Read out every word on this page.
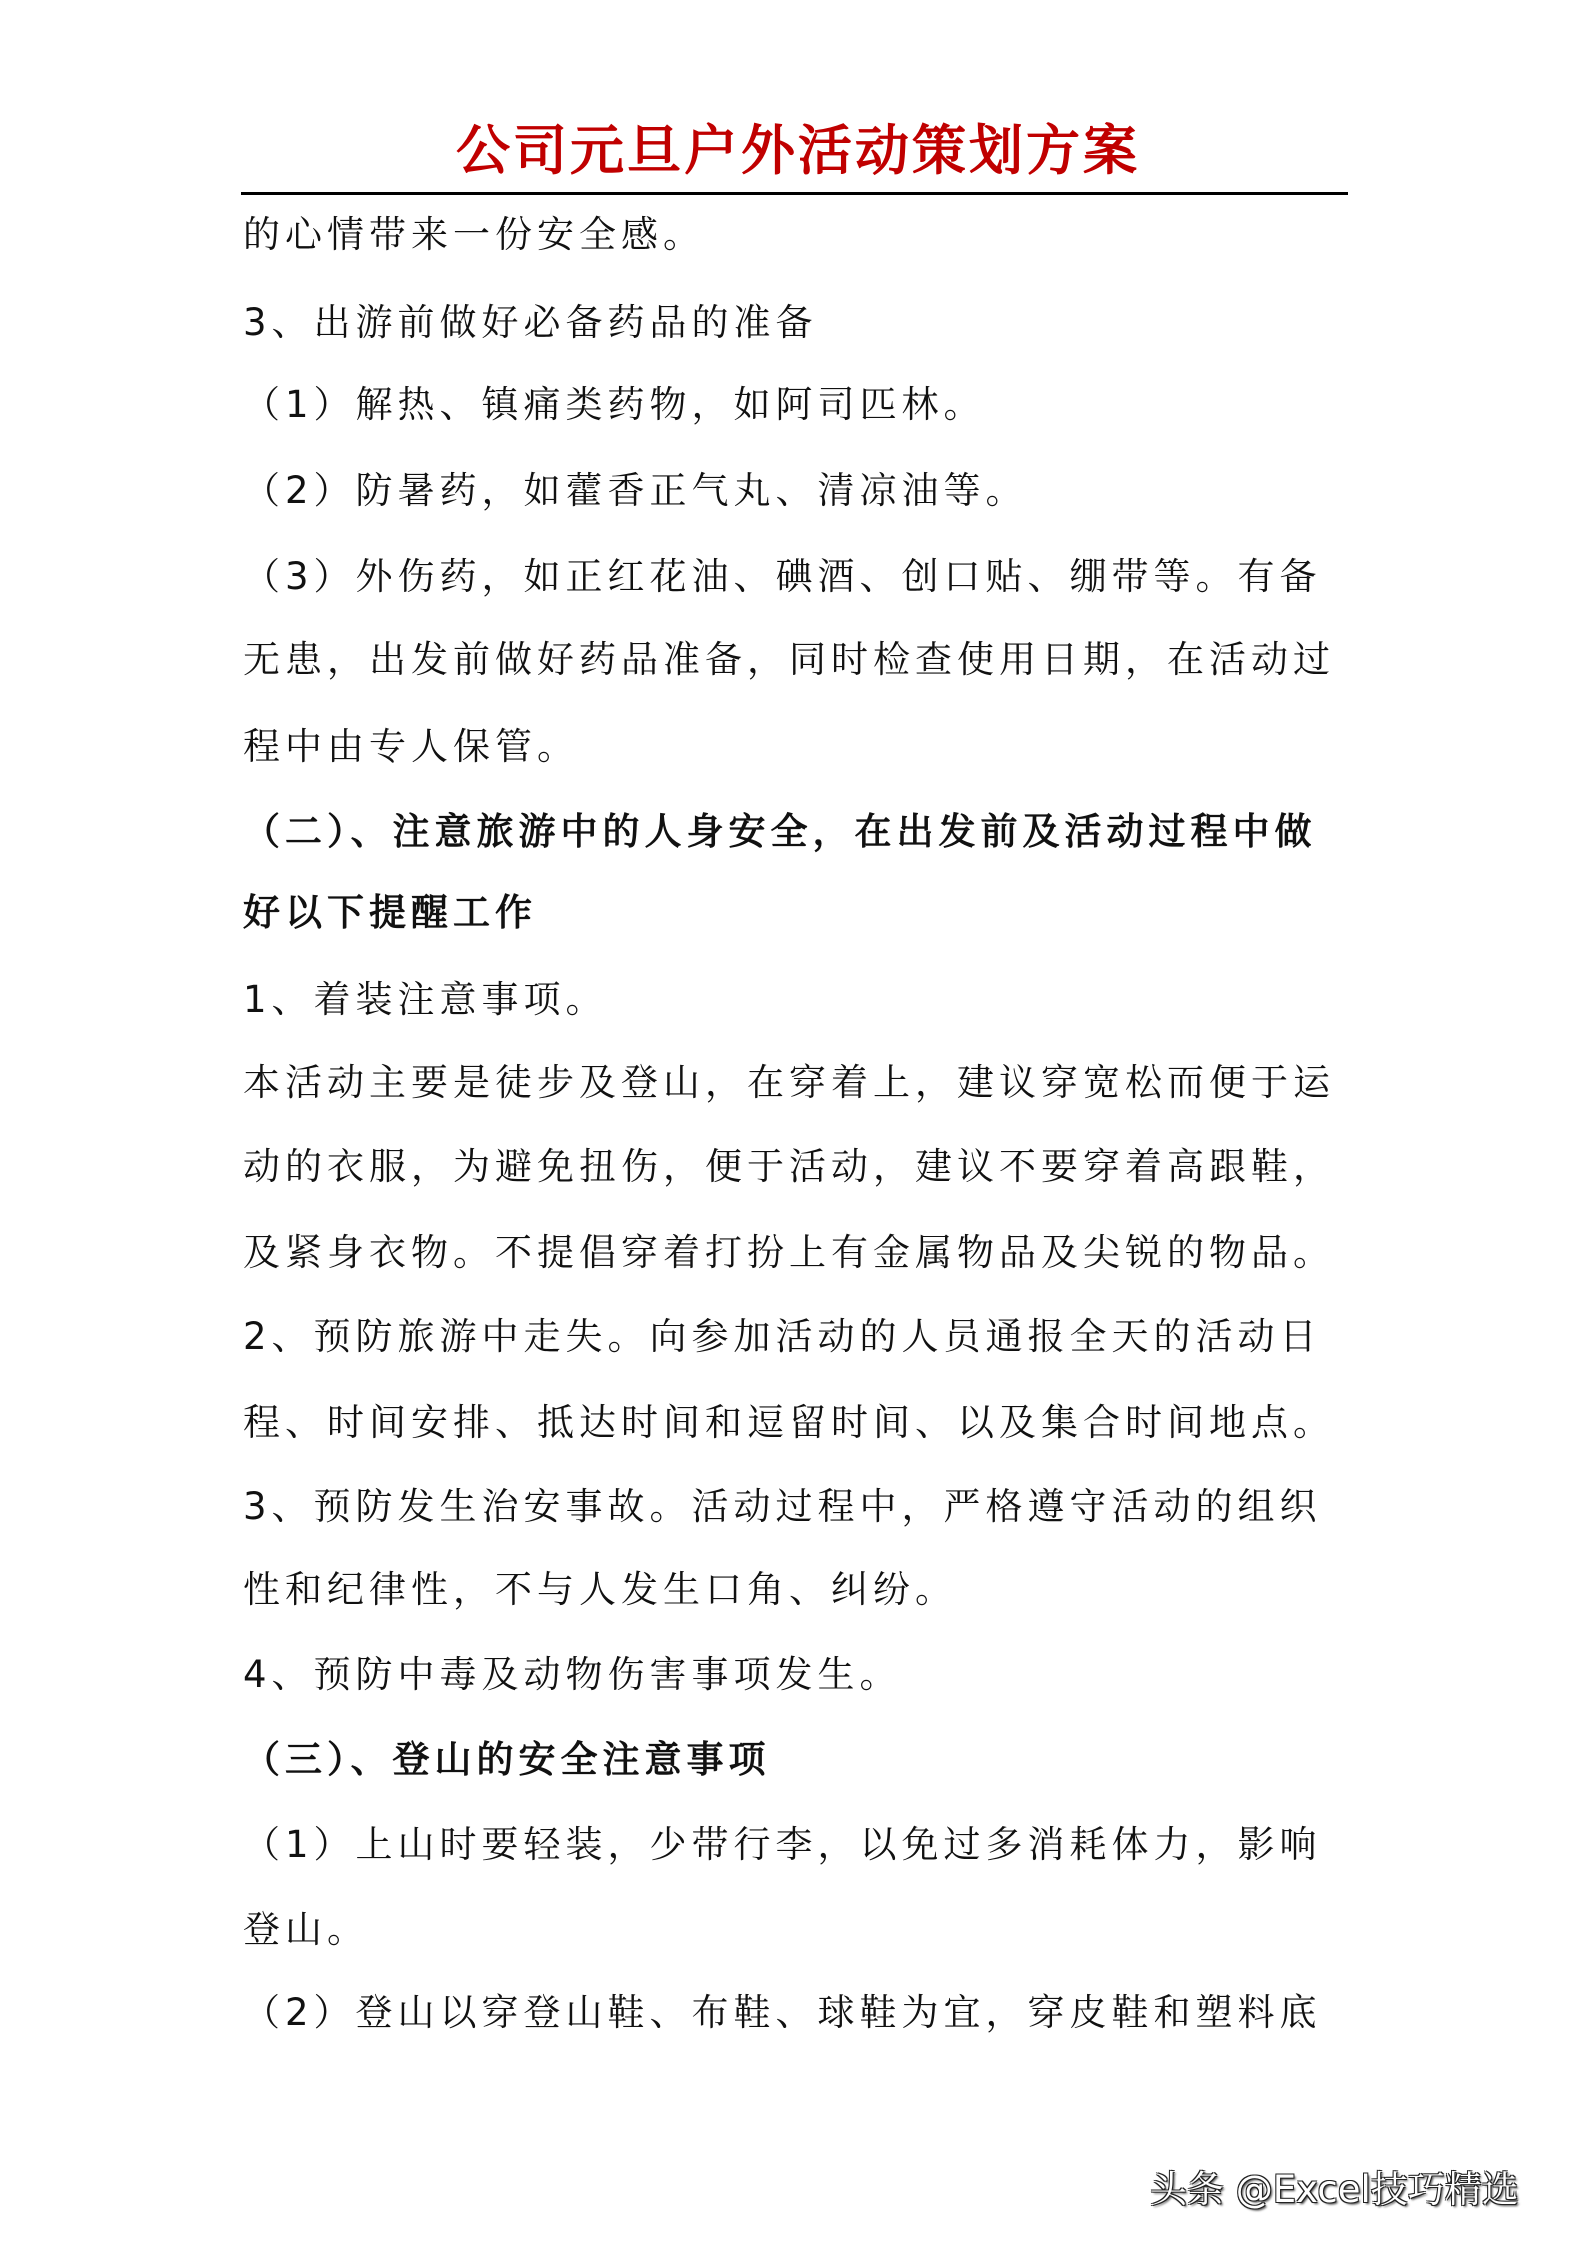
公司元旦户外活动策划方案
的心情带来一份安全感。
3、出游前做好必备药品的准备
（1）解热、镇痛类药物，如阿司匹林。
（2）防暑药，如藿香正气丸、清凉油等。
（3）外伤药，如正红花油、碘酒、创口贴、绷带等。有备
无患，出发前做好药品准备，同时检查使用日期，在活动过
程中由专人保管。
（二）、注意旅游中的人身安全，在出发前及活动过程中做
好以下提醒工作
1、着装注意事项。
本活动主要是徒步及登山，在穿着上，建议穿宽松而便于运
动的衣服，为避免扭伤，便于活动，建议不要穿着高跟鞋，
及紧身衣物。不提倡穿着打扮上有金属物品及尖锐的物品。
2、预防旅游中走失。向参加活动的人员通报全天的活动日
程、时间安排、抵达时间和逗留时间、以及集合时间地点。
3、预防发生治安事故。活动过程中，严格遵守活动的组织
性和纪律性，不与人发生口角、纠纷。
4、预防中毒及动物伤害事项发生。
（三）、登山的安全注意事项
（1）上山时要轻装，少带行李，以免过多消耗体力，影响
登山。
（2）登山以穿登山鞋、布鞋、球鞋为宜，穿皮鞋和塑料底
头条 @Excel技巧精选
